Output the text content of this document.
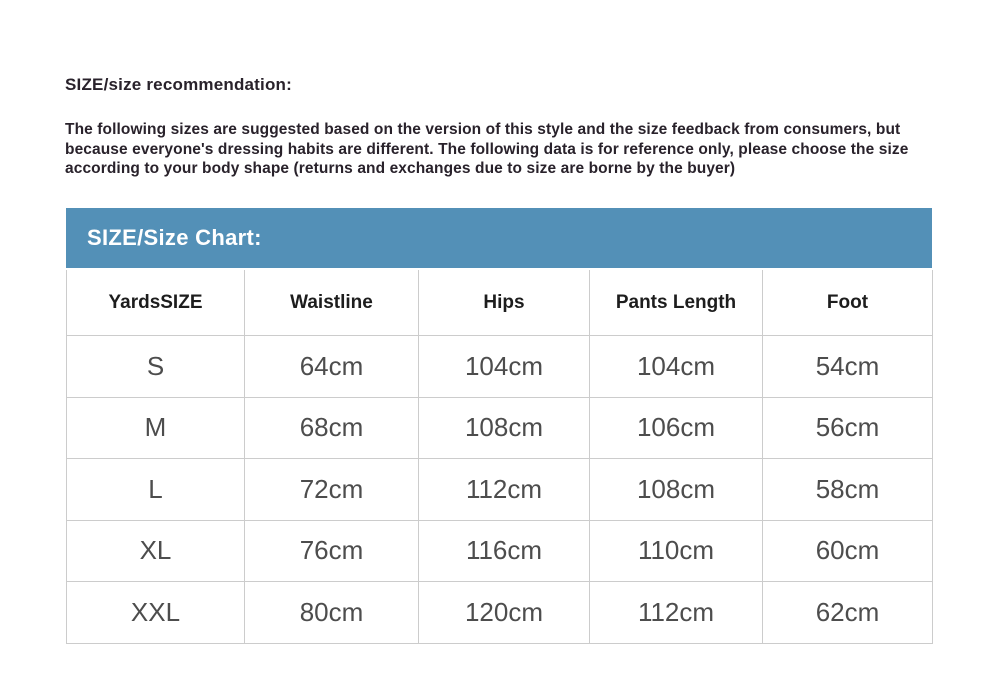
SIZE/size recommendation:

The following sizes are suggested based on the version of this style and the size feedback from consumers, but because everyone's dressing habits are different. The following data is for reference only, please choose the size according to your body shape (returns and exchanges due to size are borne by the buyer)

SIZE/Size Chart:
YardsSIZE	Waistline	Hips	Pants Length	Foot
S	64cm	104cm	104cm	54cm
M	68cm	108cm	106cm	56cm
L	72cm	112cm	108cm	58cm
XL	76cm	116cm	110cm	60cm
XXL	80cm	120cm	112cm	62cm
